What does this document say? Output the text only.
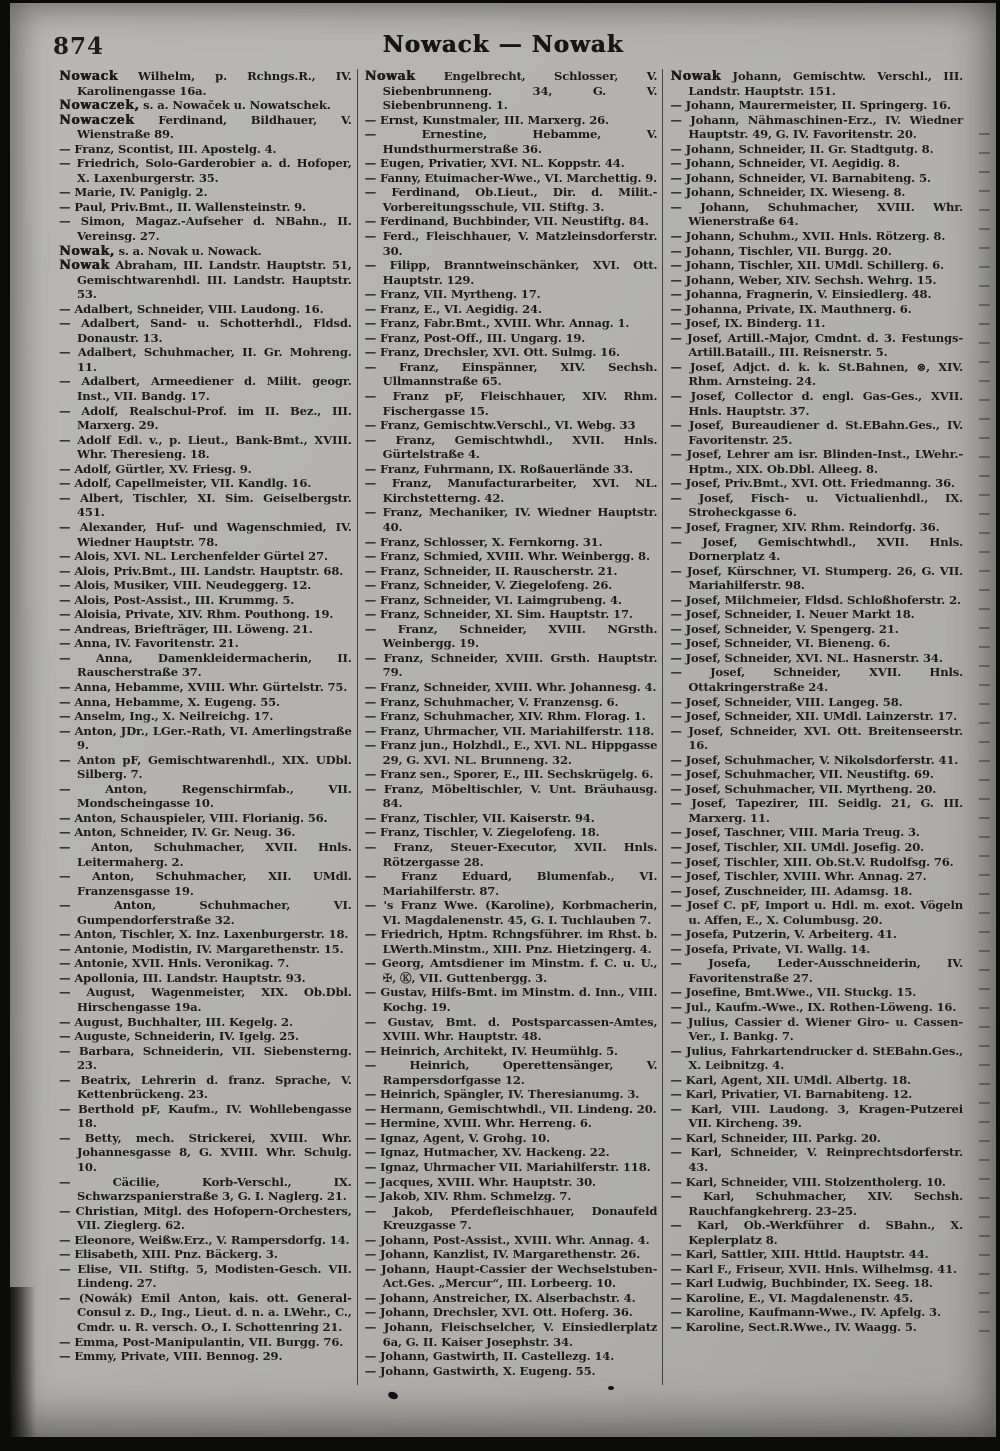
874	Nowack — Nowak

Nowack Wilhelm, p. Rchngs.R., IV. Karolinengasse 16a.

Nowaczek, s. a. Nowaček u. Nowatschek.

Nowaczek Ferdinand, Bildhauer, V. Wienstraße 89.

— Franz, Scontist, III. Apostelg. 4.

— Friedrich, Solo-Garderobier a. d. Hofoper, X. Laxenburgerstr. 35.

— Marie, IV. Paniglg. 2.

— Paul, Priv.Bmt., II. Wallensteinstr. 9.

— Simon, Magaz.-Aufseher d. NBahn., II. Vereinsg. 27.

Nowak, s. a. Novak u. Nowack.

Nowak Abraham, III. Landstr. Hauptstr. 51, Gemischtwarenhdl. III. Landstr. Hauptstr. 53.

— Adalbert, Schneider, VIII. Laudong. 16.

— Adalbert, Sand- u. Schotterhdl., Fldsd. Donaustr. 13.

— Adalbert, Schuhmacher, II. Gr. Mohreng. 11.

— Adalbert, Armeediener d. Milit. geogr. Inst., VII. Bandg. 17.

— Adolf, Realschul-Prof. im II. Bez., III. Marxerg. 29.

— Adolf Edl. v., p. Lieut., Bank-Bmt., XVIII. Whr. Theresieng. 18.

— Adolf, Gürtler, XV. Friesg. 9.

— Adolf, Capellmeister, VII. Kandlg. 16.

— Albert, Tischler, XI. Sim. Geiselbergstr. 451.

— Alexander, Huf- und Wagenschmied, IV. Wiedner Hauptstr. 78.

— Alois, XVI. NL. Lerchenfelder Gürtel 27.

— Alois, Priv.Bmt., III. Landstr. Hauptstr. 68.

— Alois, Musiker, VIII. Neudeggerg. 12.

— Alois, Post-Assist., III. Krummg. 5.

— Aloisia, Private, XIV. Rhm. Pouthong. 19.

— Andreas, Briefträger, III. Löweng. 21.

— Anna, IV. Favoritenstr. 21.

— Anna, Damenkleidermacherin, II. Rauscherstraße 37.

— Anna, Hebamme, XVIII. Whr. Gürtelstr. 75.

— Anna, Hebamme, X. Eugeng. 55.

— Anselm, Ing., X. Neilreichg. 17.

— Anton, JDr., LGer.-Rath, VI. Amerlingstraße 9.

— Anton pF, Gemischtwarenhdl., XIX. UDbl. Silberg. 7.

— Anton, Regenschirmfab., VII. Mondscheingasse 10.

— Anton, Schauspieler, VIII. Florianig. 56.

— Anton, Schneider, IV. Gr. Neug. 36.

— Anton, Schuhmacher, XVII. Hnls. Leitermaherg. 2.

— Anton, Schuhmacher, XII. UMdl. Franzensgasse 19.

— Anton, Schuhmacher, VI. Gumpendorferstraße 32.

— Anton, Tischler, X. Inz. Laxenburgerstr. 18.

— Antonie, Modistin, IV. Margarethenstr. 15.

— Antonie, XVII. Hnls. Veronikag. 7.

— Apollonia, III. Landstr. Hauptstr. 93.

— August, Wagenmeister, XIX. Ob.Dbl. Hirschengasse 19a.

— August, Buchhalter, III. Kegelg. 2.

— Auguste, Schneiderin, IV. Igelg. 25.

— Barbara, Schneiderin, VII. Siebensterng. 23.

— Beatrix, Lehrerin d. franz. Sprache, V. Kettenbrückeng. 23.

— Berthold pF, Kaufm., IV. Wohllebengasse 18.

— Betty, mech. Strickerei, XVIII. Whr. Johannesgasse 8, G. XVIII. Whr. Schulg. 10.

— Cäcilie, Korb-Verschl., IX. Schwarzspanierstraße 3, G. I. Naglerg. 21.

— Christian, Mitgl. des Hofopern-Orchesters, VII. Zieglerg. 62.

— Eleonore, Weißw.Erz., V. Rampersdorfg. 14.

— Elisabeth, XIII. Pnz. Bäckerg. 3.

— Elise, VII. Stiftg. 5, Modisten-Gesch. VII. Lindeng. 27.

— (Nowák) Emil Anton, kais. ott. General-Consul z. D., Ing., Lieut. d. n. a. LWehr., C., Cmdr. u. R. versch. O., I. Schottenring 21.

— Emma, Post-Manipulantin, VII. Burgg. 76.

— Emmy, Private, VIII. Bennog. 29.

Nowak Engelbrecht, Schlosser, V. Siebenbrunneng. 34, G. V. Siebenbrunneng. 1.

— Ernst, Kunstmaler, III. Marxerg. 26.

— Ernestine, Hebamme, V. Hundsthurmerstraße 36.

— Eugen, Privatier, XVI. NL. Koppstr. 44.

— Fanny, Etuimacher-Wwe., VI. Marchettig. 9.

— Ferdinand, Ob.Lieut., Dir. d. Milit.-Vorbereitungsschule, VII. Stiftg. 3.

— Ferdinand, Buchbinder, VII. Neustiftg. 84.

— Ferd., Fleischhauer, V. Matzleinsdorferstr. 30.

— Filipp, Branntweinschänker, XVI. Ott. Hauptstr. 129.

— Franz, VII. Myrtheng. 17.

— Franz, E., VI. Aegidig. 24.

— Franz, Fabr.Bmt., XVIII. Whr. Annag. 1.

— Franz, Post-Off., III. Ungarg. 19.

— Franz, Drechsler, XVI. Ott. Sulmg. 16.

— Franz, Einspänner, XIV. Sechsh. Ullmannstraße 65.

— Franz pF, Fleischhauer, XIV. Rhm. Fischergasse 15.

— Franz, Gemischtw.Verschl., VI. Webg. 33

— Franz, Gemischtwhdl., XVII. Hnls. Gürtelstraße 4.

— Franz, Fuhrmann, IX. Roßauerlände 33.

— Franz, Manufacturarbeiter, XVI. NL. Kirchstetterng. 42.

— Franz, Mechaniker, IV. Wiedner Hauptstr. 40.

— Franz, Schlosser, X. Fernkorng. 31.

— Franz, Schmied, XVIII. Whr. Weinbergg. 8.

— Franz, Schneider, II. Rauscherstr. 21.

— Franz, Schneider, V. Ziegelofeng. 26.

— Franz, Schneider, VI. Laimgrubeng. 4.

— Franz, Schneider, XI. Sim. Hauptstr. 17.

— Franz, Schneider, XVIII. NGrsth. Weinbergg. 19.

— Franz, Schneider, XVIII. Grsth. Hauptstr. 79.

— Franz, Schneider, XVIII. Whr. Johannesg. 4.

— Franz, Schuhmacher, V. Franzensg. 6.

— Franz, Schuhmacher, XIV. Rhm. Florag. 1.

— Franz, Uhrmacher, VII. Mariahilferstr. 118.

— Franz jun., Holzhdl., E., XVI. NL. Hippgasse 29, G. XVI. NL. Brunneng. 32.

— Franz sen., Sporer, E., III. Sechskrügelg. 6.

— Franz, Möbeltischler, V. Unt. Bräuhausg. 84.

— Franz, Tischler, VII. Kaiserstr. 94.

— Franz, Tischler, V. Ziegelofeng. 18.

— Franz, Steuer-Executor, XVII. Hnls. Rötzergasse 28.

— Franz Eduard, Blumenfab., VI. Mariahilferstr. 87.

— 's Franz Wwe. (Karoline), Korbmacherin, VI. Magdalenenstr. 45, G. I. Tuchlauben 7.

— Friedrich, Hptm. Rchngsführer. im Rhst. b. LWerth.Minstm., XIII. Pnz. Hietzingerg. 4.

— Georg, Amtsdiener im Minstm. f. C. u. U., ✠, Ⓚ, VII. Guttenbergg. 3.

— Gustav, Hilfs-Bmt. im Minstm. d. Inn., VIII. Kochg. 19.

— Gustav, Bmt. d. Postsparcassen-Amtes, XVIII. Whr. Hauptstr. 48.

— Heinrich, Architekt, IV. Heumühlg. 5.

— Heinrich, Operettensänger, V. Rampersdorfgasse 12.

— Heinrich, Spängler, IV. Theresianumg. 3.

— Hermann, Gemischtwhdl., VII. Lindeng. 20.

— Hermine, XVIII. Whr. Herreng. 6.

— Ignaz, Agent, V. Grohg. 10.

— Ignaz, Hutmacher, XV. Hackeng. 22.

— Ignaz, Uhrmacher VII. Mariahilferstr. 118.

— Jacques, XVIII. Whr. Hauptstr. 30.

— Jakob, XIV. Rhm. Schmelzg. 7.

— Jakob, Pferdefleischhauer, Donaufeld Kreuzgasse 7.

— Johann, Post-Assist., XVIII. Whr. Annag. 4.

— Johann, Kanzlist, IV. Margarethenstr. 26.

— Johann, Haupt-Cassier der Wechselstuben-Act.Ges. „Mercur“, III. Lorbeerg. 10.

— Johann, Anstreicher, IX. Alserbachstr. 4.

— Johann, Drechsler, XVI. Ott. Hoferg. 36.

— Johann, Fleischselcher, V. Einsiedlerplatz 6a, G. II. Kaiser Josephstr. 34.

— Johann, Gastwirth, II. Castellezg. 14.

— Johann, Gastwirth, X. Eugeng. 55.

Nowak Johann, Gemischtw. Verschl., III. Landstr. Hauptstr. 151.

— Johann, Maurermeister, II. Springerg. 16.

— Johann, Nähmaschinen-Erz., IV. Wiedner Hauptstr. 49, G. IV. Favoritenstr. 20.

— Johann, Schneider, II. Gr. Stadtgutg. 8.

— Johann, Schneider, VI. Aegidig. 8.

— Johann, Schneider, VI. Barnabiteng. 5.

— Johann, Schneider, IX. Wieseng. 8.

— Johann, Schuhmacher, XVIII. Whr. Wienerstraße 64.

— Johann, Schuhm., XVII. Hnls. Rötzerg. 8.

— Johann, Tischler, VII. Burgg. 20.

— Johann, Tischler, XII. UMdl. Schillerg. 6.

— Johann, Weber, XIV. Sechsh. Wehrg. 15.

— Johanna, Fragnerin, V. Einsiedlerg. 48.

— Johanna, Private, IX. Mauthnerg. 6.

— Josef, IX. Binderg. 11.

— Josef, Artill.-Major, Cmdnt. d. 3. Festungs-Artill.Bataill., III. Reisnerstr. 5.

— Josef, Adjct. d. k. k. St.Bahnen, ⊗, XIV. Rhm. Arnsteing. 24.

— Josef, Collector d. engl. Gas-Ges., XVII. Hnls. Hauptstr. 37.

— Josef, Bureaudiener d. St.EBahn.Ges., IV. Favoritenstr. 25.

— Josef, Lehrer am isr. Blinden-Inst., LWehr.-Hptm., XIX. Ob.Dbl. Alleeg. 8.

— Josef, Priv.Bmt., XVI. Ott. Friedmanng. 36.

— Josef, Fisch- u. Victualienhdl., IX. Stroheckgasse 6.

— Josef, Fragner, XIV. Rhm. Reindorfg. 36.

— Josef, Gemischtwhdl., XVII. Hnls. Dornerplatz 4.

— Josef, Kürschner, VI. Stumperg. 26, G. VII. Mariahilferstr. 98.

— Josef, Milchmeier, Fldsd. Schloßhoferstr. 2.

— Josef, Schneider, I. Neuer Markt 18.

— Josef, Schneider, V. Spengerg. 21.

— Josef, Schneider, VI. Bieneng. 6.

— Josef, Schneider, XVI. NL. Hasnerstr. 34.

— Josef, Schneider, XVII. Hnls. Ottakringerstraße 24.

— Josef, Schneider, VIII. Langeg. 58.

— Josef, Schneider, XII. UMdl. Lainzerstr. 17.

— Josef, Schneider, XVI. Ott. Breitenseerstr. 16.

— Josef, Schuhmacher, V. Nikolsdorferstr. 41.

— Josef, Schuhmacher, VII. Neustiftg. 69.

— Josef, Schuhmacher, VII. Myrtheng. 20.

— Josef, Tapezirer, III. Seidlg. 21, G. III. Marxerg. 11.

— Josef, Taschner, VIII. Maria Treug. 3.

— Josef, Tischler, XII. UMdl. Josefig. 20.

— Josef, Tischler, XIII. Ob.St.V. Rudolfsg. 76.

— Josef, Tischler, XVIII. Whr. Annag. 27.

— Josef, Zuschneider, III. Adamsg. 18.

— Josef C. pF, Import u. Hdl. m. exot. Vögeln u. Affen, E., X. Columbusg. 20.

— Josefa, Putzerin, V. Arbeiterg. 41.

— Josefa, Private, VI. Wallg. 14.

— Josefa, Leder-Ausschneiderin, IV. Favoritenstraße 27.

— Josefine, Bmt.Wwe., VII. Stuckg. 15.

— Jul., Kaufm.-Wwe., IX. Rothen-Löweng. 16.

— Julius, Cassier d. Wiener Giro- u. Cassen-Ver., I. Bankg. 7.

— Julius, Fahrkartendrucker d. StEBahn.Ges., X. Leibnitzg. 4.

— Karl, Agent, XII. UMdl. Albertg. 18.

— Karl, Privatier, VI. Barnabiteng. 12.

— Karl, VIII. Laudong. 3, Kragen-Putzerei VII. Kircheng. 39.

— Karl, Schneider, III. Parkg. 20.

— Karl, Schneider, V. Reinprechtsdorferstr. 43.

— Karl, Schneider, VIII. Stolzentholerg. 10.

— Karl, Schuhmacher, XIV. Sechsh. Rauchfangkehrerg. 23–25.

— Karl, Ob.-Werkführer d. SBahn., X. Keplerplatz 8.

— Karl, Sattler, XIII. Httld. Hauptstr. 44.

— Karl F., Friseur, XVII. Hnls. Wilhelmsg. 41.

— Karl Ludwig, Buchbinder, IX. Seeg. 18.

— Karoline, E., VI. Magdalenenstr. 45.

— Karoline, Kaufmann-Wwe., IV. Apfelg. 3.

— Karoline, Sect.R.Wwe., IV. Waagg. 5.
